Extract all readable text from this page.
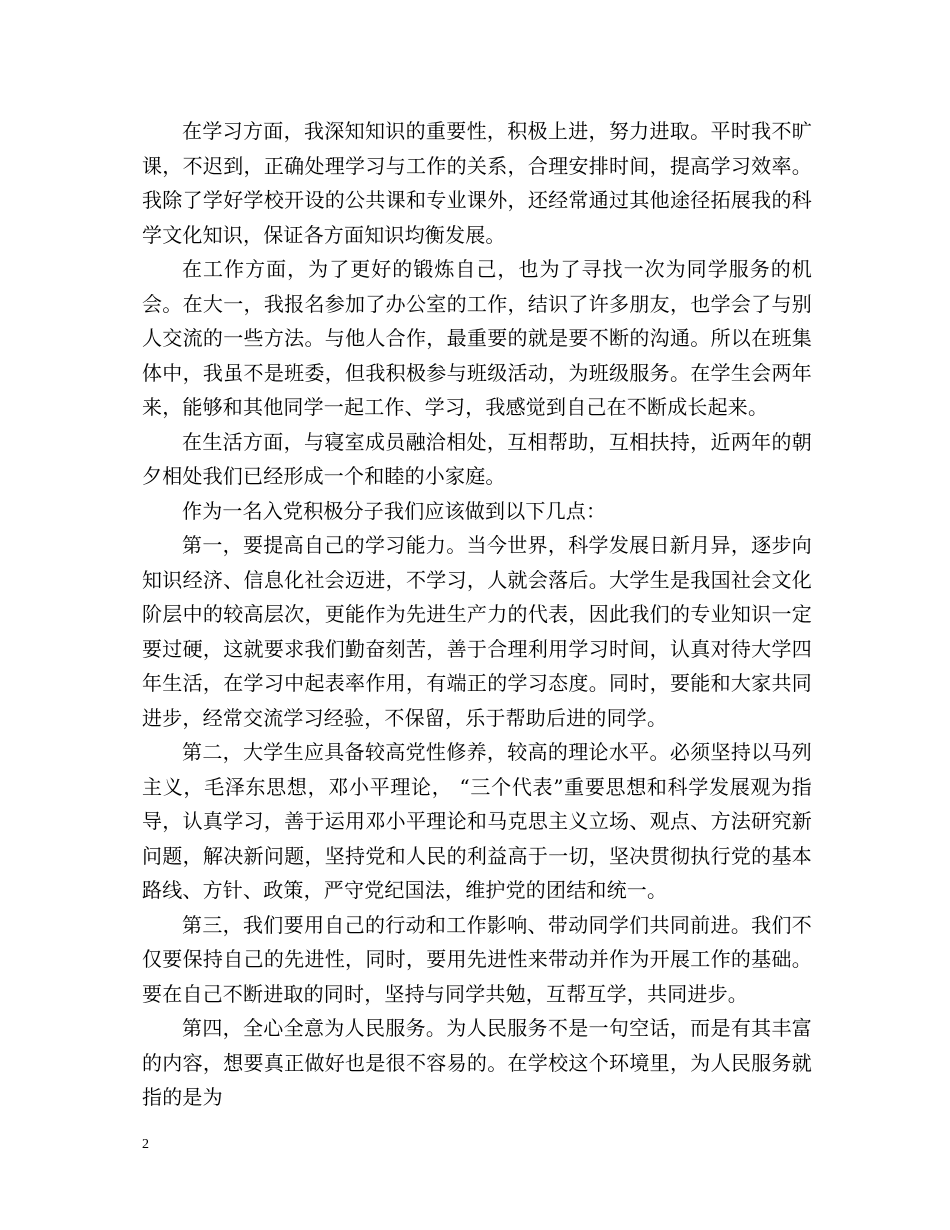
在学习方面，我深知知识的重要性，积极上进，努力进取。平时我不旷课，不迟到，正确处理学习与工作的关系，合理安排时间，提高学习效率。我除了学好学校开设的公共课和专业课外，还经常通过其他途径拓展我的科学文化知识，保证各方面知识均衡发展。

在工作方面，为了更好的锻炼自己，也为了寻找一次为同学服务的机会。在大一，我报名参加了办公室的工作，结识了许多朋友，也学会了与别人交流的一些方法。与他人合作，最重要的就是要不断的沟通。所以在班集体中，我虽不是班委，但我积极参与班级活动，为班级服务。在学生会两年来，能够和其他同学一起工作、学习，我感觉到自己在不断成长起来。

在生活方面，与寝室成员融洽相处，互相帮助，互相扶持，近两年的朝夕相处我们已经形成一个和睦的小家庭。

作为一名入党积极分子我们应该做到以下几点：

第一，要提高自己的学习能力。当今世界，科学发展日新月异，逐步向知识经济、信息化社会迈进，不学习，人就会落后。大学生是我国社会文化阶层中的较高层次，更能作为先进生产力的代表，因此我们的专业知识一定要过硬，这就要求我们勤奋刻苦，善于合理利用学习时间，认真对待大学四年生活，在学习中起表率作用，有端正的学习态度。同时，要能和大家共同进步，经常交流学习经验，不保留，乐于帮助后进的同学。

第二，大学生应具备较高党性修养，较高的理论水平。必须坚持以马列主义，毛泽东思想，邓小平理论， “三个代表”重要思想和科学发展观为指导，认真学习，善于运用邓小平理论和马克思主义立场、观点、方法研究新问题，解决新问题，坚持党和人民的利益高于一切，坚决贯彻执行党的基本路线、方针、政策，严守党纪国法，维护党的团结和统一。

第三，我们要用自己的行动和工作影响、带动同学们共同前进。我们不仅要保持自己的先进性，同时，要用先进性来带动并作为开展工作的基础。要在自己不断进取的同时，坚持与同学共勉，互帮互学，共同进步。

第四，全心全意为人民服务。为人民服务不是一句空话，而是有其丰富的内容，想要真正做好也是很不容易的。在学校这个环境里，为人民服务就指的是为

2
